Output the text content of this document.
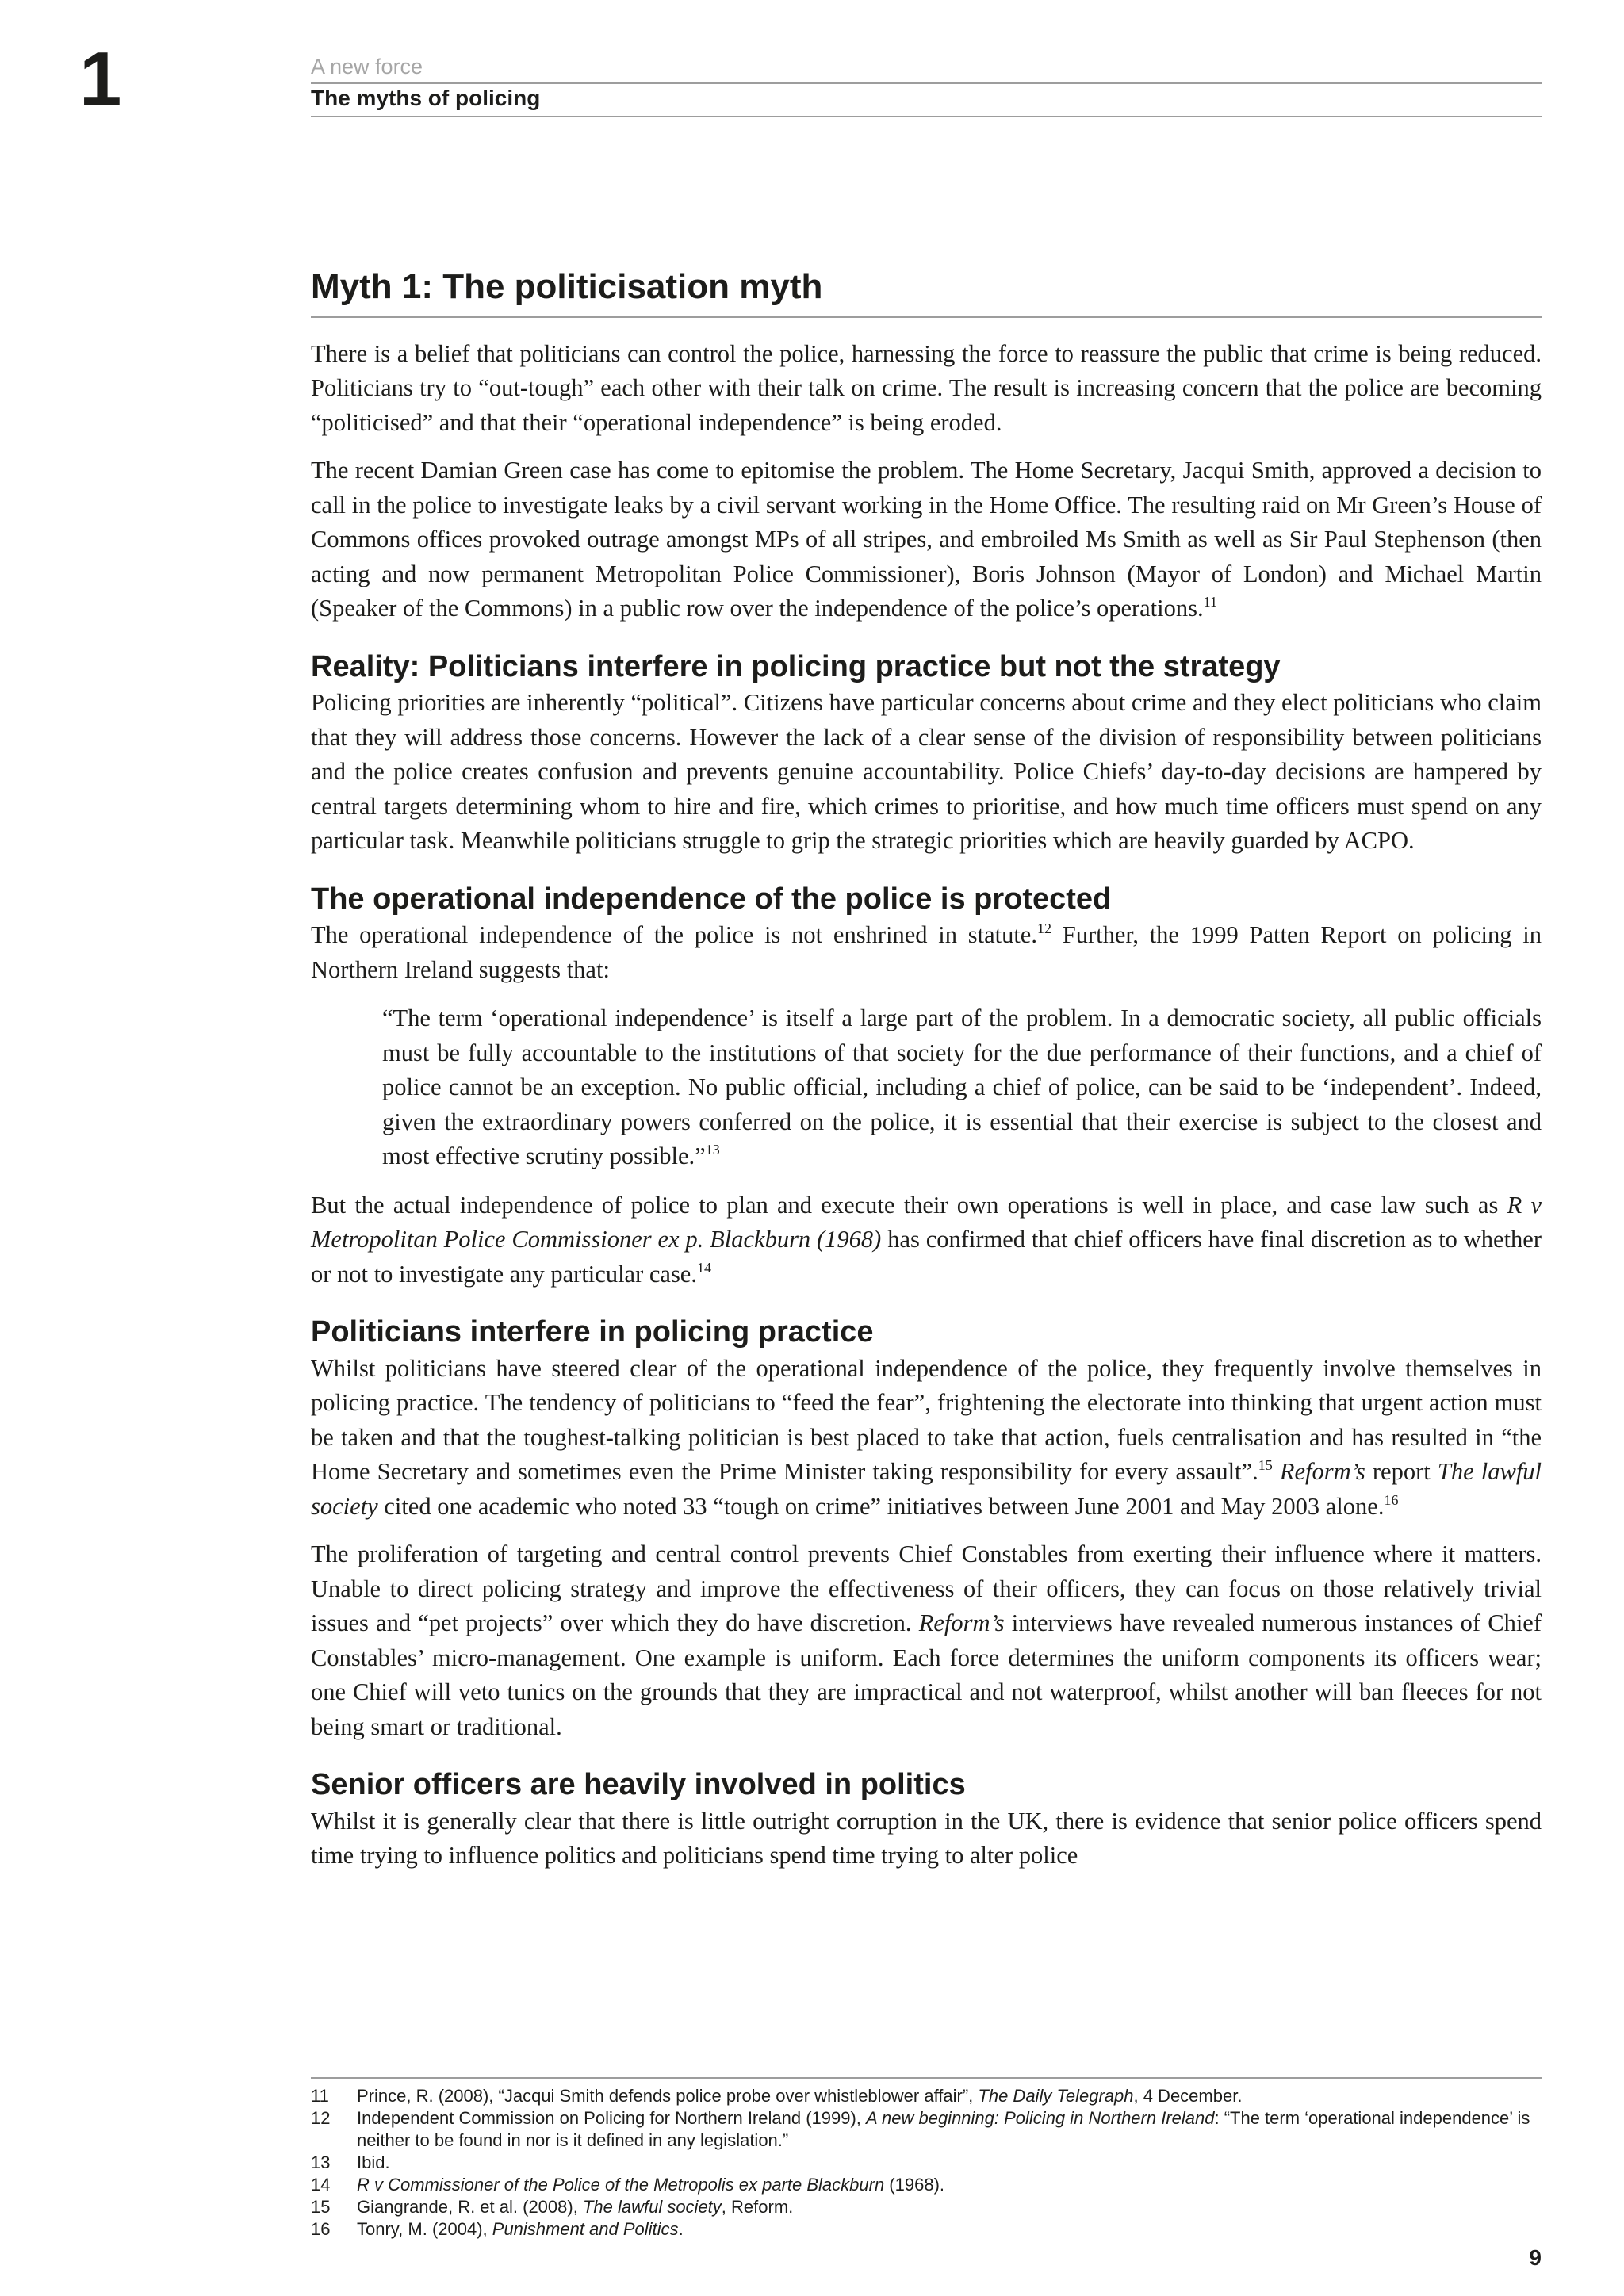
1	A new force
The myths of policing
Myth 1: The politicisation myth

There is a belief that politicians can control the police, harnessing the force to reassure the public that crime is being reduced. Politicians try to “out-tough” each other with their talk on crime. The result is increasing concern that the police are becoming “politicised” and that their “operational independence” is being eroded.

The recent Damian Green case has come to epitomise the problem. The Home Secretary, Jacqui Smith, approved a decision to call in the police to investigate leaks by a civil servant working in the Home Office. The resulting raid on Mr Green’s House of Commons offices provoked outrage amongst MPs of all stripes, and embroiled Ms Smith as well as Sir Paul Stephenson (then acting and now permanent Metropolitan Police Commissioner), Boris Johnson (Mayor of London) and Michael Martin (Speaker of the Commons) in a public row over the independence of the police’s operations.$^{11}$

Reality: Politicians interfere in policing practice but not the strategy

Policing priorities are inherently “political”. Citizens have particular concerns about crime and they elect politicians who claim that they will address those concerns. However the lack of a clear sense of the division of responsibility between politicians and the police creates confusion and prevents genuine accountability. Police Chiefs’ day-to-day decisions are hampered by central targets determining whom to hire and fire, which crimes to prioritise, and how much time officers must spend on any particular task. Meanwhile politicians struggle to grip the strategic priorities which are heavily guarded by ACPO.

The operational independence of the police is protected

The operational independence of the police is not enshrined in statute.$^{12}$ Further, the 1999 Patten Report on policing in Northern Ireland suggests that:

“The term ‘operational independence’ is itself a large part of the problem. In a democratic society, all public officials must be fully accountable to the institutions of that society for the due performance of their functions, and a chief of police cannot be an exception. No public official, including a chief of police, can be said to be ‘independent’. Indeed, given the extraordinary powers conferred on the police, it is essential that their exercise is subject to the closest and most effective scrutiny possible.”$^{13}$

But the actual independence of police to plan and execute their own operations is well in place, and case law such as R v Metropolitan Police Commissioner ex p. Blackburn (1968) has confirmed that chief officers have final discretion as to whether or not to investigate any particular case.$^{14}$

Politicians interfere in policing practice

Whilst politicians have steered clear of the operational independence of the police, they frequently involve themselves in policing practice. The tendency of politicians to “feed the fear”, frightening the electorate into thinking that urgent action must be taken and that the toughest-talking politician is best placed to take that action, fuels centralisation and has resulted in “the Home Secretary and sometimes even the Prime Minister taking responsibility for every assault”.$^{15}$ Reform’s report The lawful society cited one academic who noted 33 “tough on crime” initiatives between June 2001 and May 2003 alone.$^{16}$

The proliferation of targeting and central control prevents Chief Constables from exerting their influence where it matters. Unable to direct policing strategy and improve the effectiveness of their officers, they can focus on those relatively trivial issues and “pet projects” over which they do have discretion. Reform’s interviews have revealed numerous instances of Chief Constables’ micro-management. One example is uniform. Each force determines the uniform components its officers wear; one Chief will veto tunics on the grounds that they are impractical and not waterproof, whilst another will ban fleeces for not being smart or traditional.

Senior officers are heavily involved in politics

Whilst it is generally clear that there is little outright corruption in the UK, there is evidence that senior police officers spend time trying to influence politics and politicians spend time trying to alter police

11	Prince, R. (2008), “Jacqui Smith defends police probe over whistleblower affair”, The Daily Telegraph, 4 December.
12	Independent Commission on Policing for Northern Ireland (1999), A new beginning: Policing in Northern Ireland: “The term ‘operational independence’ is neither to be found in nor is it defined in any legislation.”
13	Ibid.
14	R v Commissioner of the Police of the Metropolis ex parte Blackburn (1968).
15	Giangrande, R. et al. (2008), The lawful society, Reform.
16	Tonry, M. (2004), Punishment and Politics.
9
